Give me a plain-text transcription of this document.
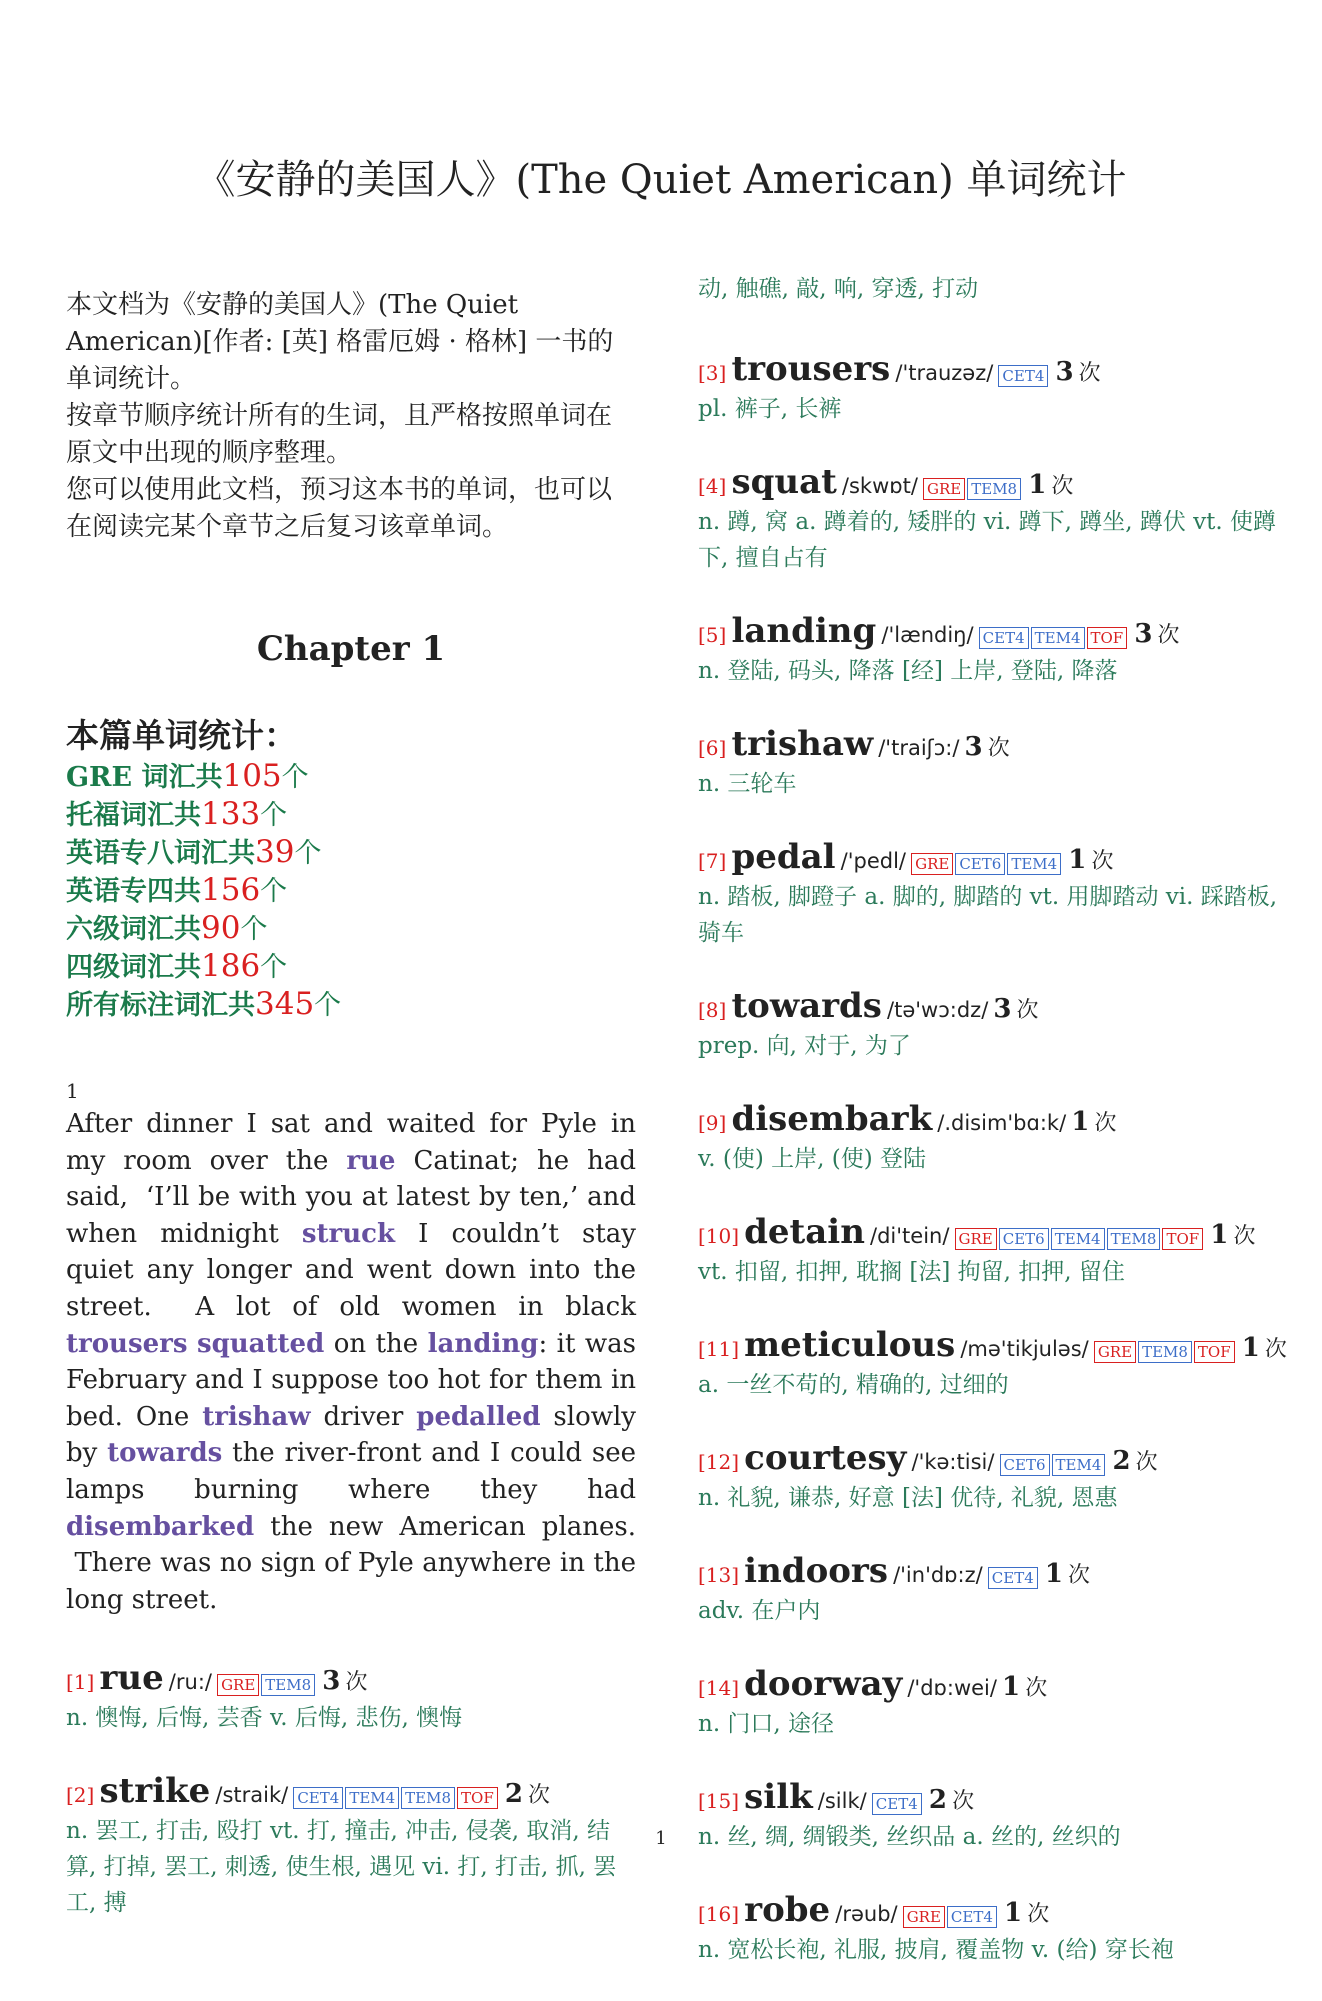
《安静的美国人》(The Quiet American) 单词统计

本文档为《安静的美国人》(The Quiet American)[作者: [英] 格雷厄姆 · 格林] 一书的单词统计。

按章节顺序统计所有的生词，且严格按照单词在原文中出现的顺序整理。

您可以使用此文档，预习这本书的单词，也可以在阅读完某个章节之后复习该章单词。

Chapter 1
本篇单词统计：
GRE 词汇共105个
托福词汇共133个
英语专八词汇共39个
英语专四共156个
六级词汇共90个
四级词汇共186个
所有标注词汇共345个
1

After dinner I sat and waited for Pyle in my room over the rue Catinat; he had said,  ‘I’ll be with you at latest by ten,’ and when midnight struck I couldn’t stay quiet any longer and went down into the street.  A lot of old women in black trousers squatted on the landing: it was February and I suppose too hot for them in bed. One trishaw driver pedalled slowly by towards the river-front and I could see lamps burning where they had disembarked the new American planes.  There was no sign of Pyle anywhere in the long street.

[1] rue /ru:/ GRE TEM8 3 次
n. 懊悔, 后悔, 芸香 v. 后悔, 悲伤, 懊悔
[2] strike /straik/ CET4 TEM4 TEM8 TOF 2 次
n. 罢工, 打击, 殴打 vt. 打, 撞击, 冲击, 侵袭, 取消, 结算, 打掉, 罢工, 刺透, 使生根, 遇见 vi. 打, 打击, 抓, 罢工, 搏
动, 触礁, 敲, 响, 穿透, 打动
[3] trousers /'trauzəz/ CET4 3 次
pl. 裤子, 长裤
[4] squat /skwɒt/ GRE TEM8 1 次
n. 蹲, 窝 a. 蹲着的, 矮胖的 vi. 蹲下, 蹲坐, 蹲伏 vt. 使蹲下, 擅自占有
[5] landing /'lændiŋ/ CET4 TEM4 TOF 3 次
n. 登陆, 码头, 降落 [经] 上岸, 登陆, 降落
[6] trishaw /'traiʃɔ:/ 3 次
n. 三轮车
[7] pedal /'pedl/ GRE CET6 TEM4 1 次
n. 踏板, 脚蹬子 a. 脚的, 脚踏的 vt. 用脚踏动 vi. 踩踏板, 骑车
[8] towards /tə'wɔ:dz/ 3 次
prep. 向, 对于, 为了
[9] disembark /.disim'bɑ:k/ 1 次
v. (使) 上岸, (使) 登陆
[10] detain /di'tein/ GRE CET6 TEM4 TEM8 TOF 1 次
vt. 扣留, 扣押, 耽搁 [法] 拘留, 扣押, 留住
[11] meticulous /mə'tikjuləs/ GRE TEM8 TOF 1 次
a. 一丝不苟的, 精确的, 过细的
[12] courtesy /'kə:tisi/ CET6 TEM4 2 次
n. 礼貌, 谦恭, 好意 [法] 优待, 礼貌, 恩惠
[13] indoors /'in'dɒ:z/ CET4 1 次
adv. 在户内
[14] doorway /'dɒ:wei/ 1 次
n. 门口, 途径
[15] silk /silk/ CET4 2 次
n. 丝, 绸, 绸锻类, 丝织品 a. 丝的, 丝织的
[16] robe /rəub/ GRE CET4 1 次
n. 宽松长袍, 礼服, 披肩, 覆盖物 v. (给) 穿长袍
1
